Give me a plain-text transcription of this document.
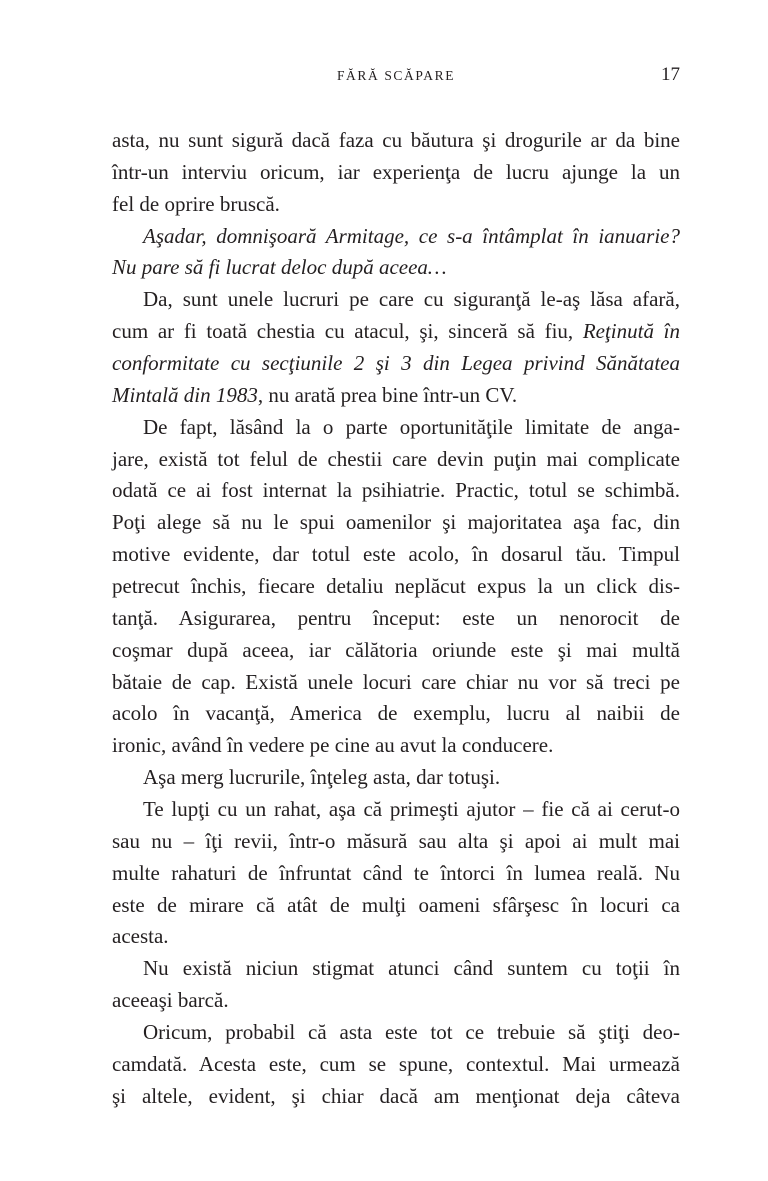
FĂRĂ SCĂPARE	17
asta, nu sunt sigură dacă faza cu băutura şi drogurile ar da bine
într-un interviu oricum, iar experienţa de lucru ajunge la un
fel de oprire bruscă.
Aşadar, domnişoară Armitage, ce s-a întâmplat în ianuarie?
Nu pare să fi lucrat deloc după aceea…
Da, sunt unele lucruri pe care cu siguranţă le-aş lăsa afară,
cum ar fi toată chestia cu atacul, şi, sinceră să fiu, Reţinută în
conformitate cu secţiunile 2 şi 3 din Legea privind Sănătatea
Mintală din 1983, nu arată prea bine într-un CV.
De fapt, lăsând la o parte oportunităţile limitate de anga-
jare, există tot felul de chestii care devin puţin mai complicate
odată ce ai fost internat la psihiatrie. Practic, totul se schimbă.
Poţi alege să nu le spui oamenilor şi majoritatea aşa fac, din
motive evidente, dar totul este acolo, în dosarul tău. Timpul
petrecut închis, fiecare detaliu neplăcut expus la un click dis-
tanţă. Asigurarea, pentru început: este un nenorocit de
coşmar după aceea, iar călătoria oriunde este şi mai multă
bătaie de cap. Există unele locuri care chiar nu vor să treci pe
acolo în vacanţă, America de exemplu, lucru al naibii de
ironic, având în vedere pe cine au avut la conducere.
Aşa merg lucrurile, înţeleg asta, dar totuşi.
Te lupţi cu un rahat, aşa că primeşti ajutor – fie că ai cerut-o
sau nu – îţi revii, într-o măsură sau alta şi apoi ai mult mai
multe rahaturi de înfruntat când te întorci în lumea reală. Nu
este de mirare că atât de mulţi oameni sfârşesc în locuri ca
acesta.
Nu există niciun stigmat atunci când suntem cu toţii în
aceeaşi barcă.
Oricum, probabil că asta este tot ce trebuie să ştiţi deo-
camdată. Acesta este, cum se spune, contextul. Mai urmează
şi altele, evident, şi chiar dacă am menţionat deja câteva
